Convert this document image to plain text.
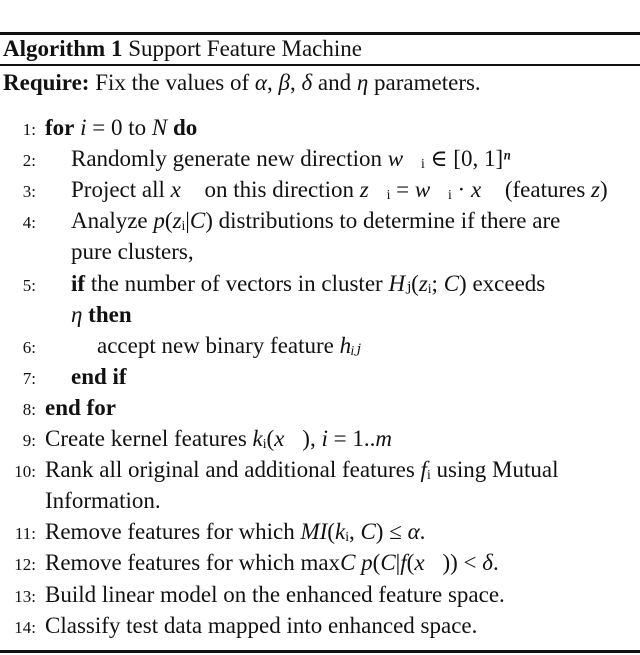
Algorithm 1 Support Feature Machine
Require: Fix the values of α, β, δ and η parameters.
1: for i = 0 to N do
2: Randomly generate new direction w⃗ᵢ ∈ [0, 1]ⁿ
3: Project all x⃗ on this direction z⃗ᵢ = w⃗ᵢ · x⃗ (features z)
4: Analyze p(zᵢ|C) distributions to determine if there are
pure clusters,
5: if the number of vectors in cluster Hⱼ(zᵢ; C) exceeds
η then
6:	accept new binary feature hᵢⱼ
7: end if
8: end for
9: Create kernel features kᵢ(x⃗), i = 1..m
10: Rank all original and additional features fᵢ using Mutual
Information.
11: Remove features for which MI(kᵢ, C) ≤ α.
12: Remove features for which maxC p(C|f(x⃗)) < δ.
13: Build linear model on the enhanced feature space.
14: Classify test data mapped into enhanced space.
